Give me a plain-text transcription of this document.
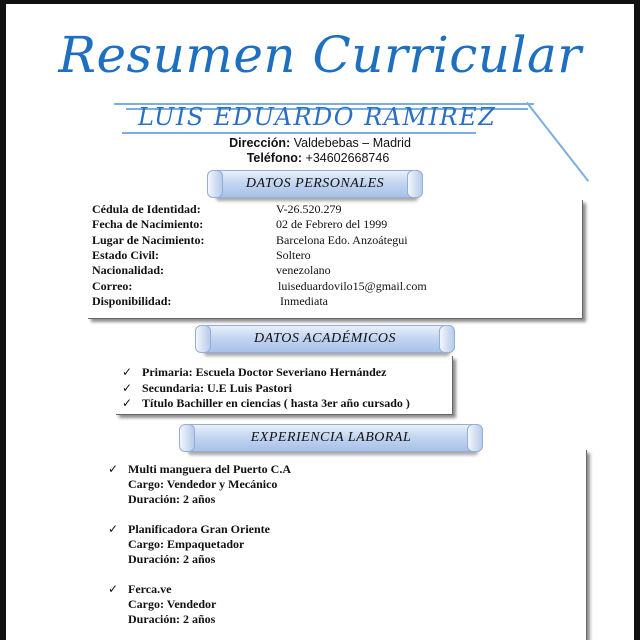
Resumen Curricular
LUIS EDUARDO RAMIREZ
Dirección: Valdebebas – Madrid
Teléfono: +34602668746
DATOS PERSONALES
Cédula de Identidad:	V-26.520.279
Fecha de Nacimiento:	02 de Febrero del 1999
Lugar de Nacimiento:	Barcelona Edo. Anzoátegui
Estado Civil:	Soltero
Nacionalidad:	venezolano
Correo:	luiseduardovilo15@gmail.com
Disponibilidad:	Inmediata
DATOS ACADÉMICOS
✓ Primaria: Escuela Doctor Severiano Hernández
✓ Secundaria: U.E Luis Pastori
✓ Título Bachiller en ciencias ( hasta 3er año cursado )
EXPERIENCIA LABORAL
✓ Multi manguera del Puerto C.A
Cargo: Vendedor y Mecánico
Duración: 2 años
✓ Planificadora Gran Oriente
Cargo: Empaquetador
Duración: 2 años
✓ Ferca.ve
Cargo: Vendedor
Duración: 2 años
